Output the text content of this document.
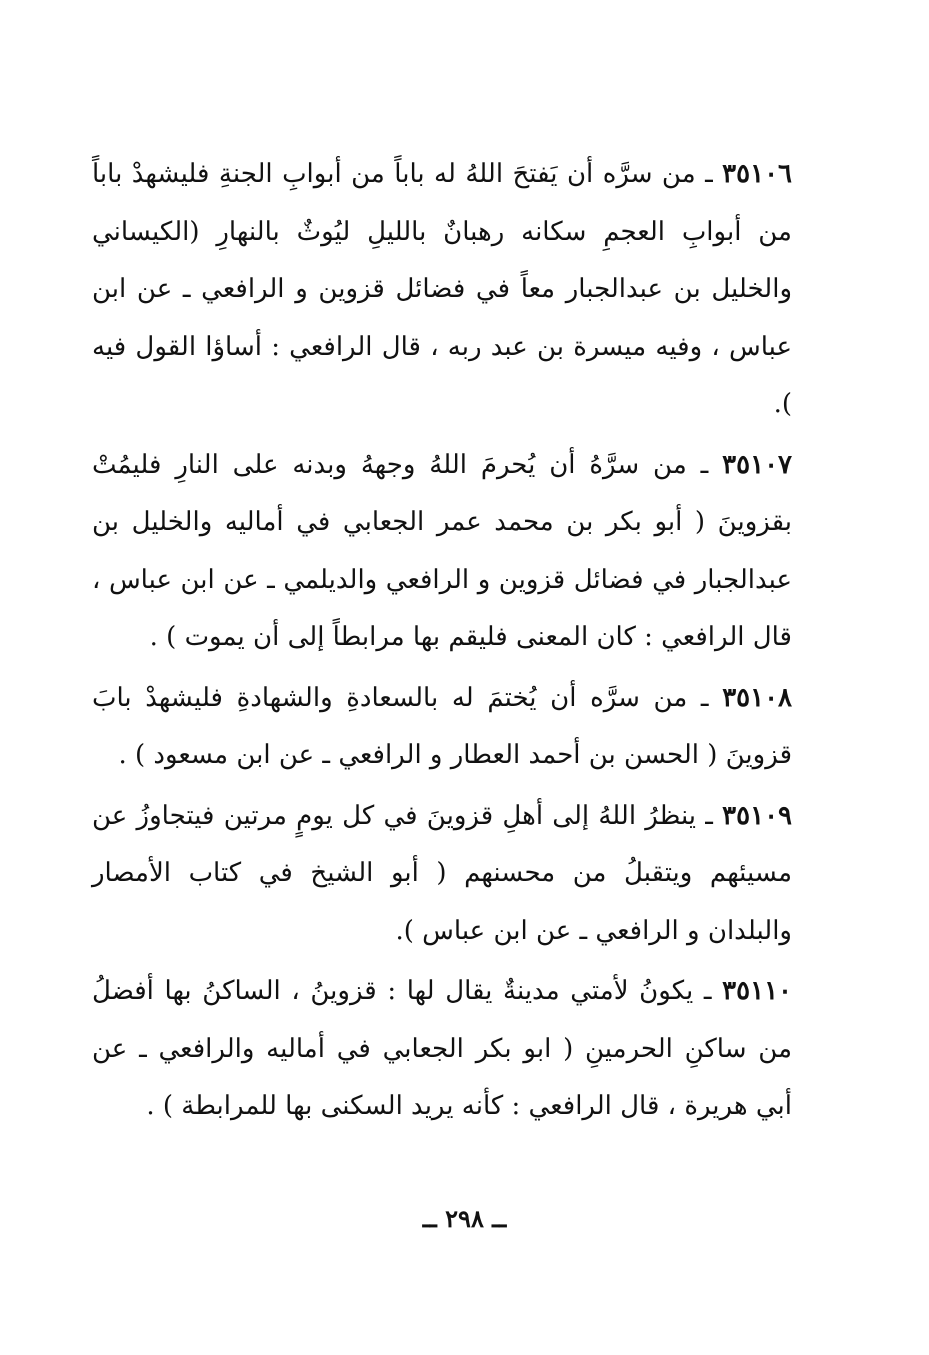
٣٥١٠٦ ـ من سرَّه أن يَفتحَ اللهُ له باباً من أبوابِ الجنةِ فليشهدْ باباً من أبوابِ العجمِ سكانه رهبانٌ بالليلِ ليُوثٌ بالنهارِ (الكيساني والخليل بن عبدالجبار معاً في فضائل قزوين و الرافعي ـ عن ابن عباس ، وفيه ميسرة بن عبد ربه ، قال الرافعي : أساؤا القول فيه ).

٣٥١٠٧ ـ من سرَّهُ أن يُحرمَ اللهُ وجههُ وبدنه على النارِ فليمُتْ بقزوينَ ( أبو بكر بن محمد عمر الجعابي في أماليه والخليل بن عبدالجبار في فضائل قزوين و الرافعي والديلمي ـ عن ابن عباس ، قال الرافعي : كان المعنى فليقم بها مرابطاً إلى أن يموت ) .

٣٥١٠٨ ـ من سرَّه أن يُختمَ له بالسعادةِ والشهادةِ فليشهدْ بابَ قزوينَ ( الحسن بن أحمد العطار و الرافعي ـ عن ابن مسعود ) .

٣٥١٠٩ ـ ينظرُ اللهُ إلى أهلِ قزوينَ في كل يومٍ مرتين فيتجاوزُ عن مسيئهم ويتقبلُ من محسنهم ( أبو الشيخ في كتاب الأمصار والبلدان و الرافعي ـ عن ابن عباس ).

٣٥١١٠ ـ يكونُ لأمتي مدينةٌ يقال لها : قزوينُ ، الساكنُ بها أفضلُ من ساكنِ الحرمينِ ( ابو بكر الجعابي في أماليه والرافعي ـ عن أبي هريرة ، قال الرافعي : كأنه يريد السكنى بها للمرابطة ) .

ــ ٢٩٨ ــ
